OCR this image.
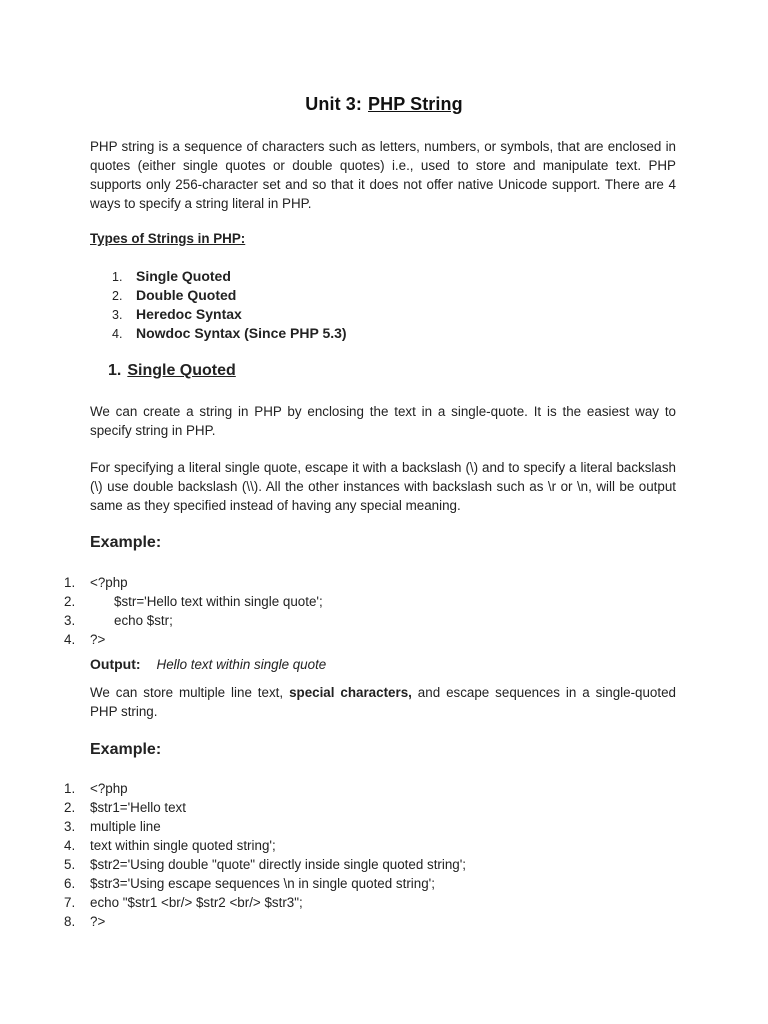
Unit 3: PHP String
PHP string is a sequence of characters such as letters, numbers, or symbols, that are enclosed in quotes (either single quotes or double quotes) i.e., used to store and manipulate text. PHP supports only 256-character set and so that it does not offer native Unicode support. There are 4 ways to specify a string literal in PHP.
Types of Strings in PHP:
1. Single Quoted
2. Double Quoted
3. Heredoc Syntax
4. Nowdoc Syntax (Since PHP 5.3)
1. Single Quoted
We can create a string in PHP by enclosing the text in a single-quote. It is the easiest way to specify string in PHP.
For specifying a literal single quote, escape it with a backslash (\) and to specify a literal backslash (\) use double backslash (\\). All the other instances with backslash such as \r or \n, will be output same as they specified instead of having any special meaning.
Example:
1. <?php
2.	$str='Hello text within single quote';
3.	echo $str;
4. ?>
Output: Hello text within single quote
We can store multiple line text, special characters, and escape sequences in a single-quoted PHP string.
Example:
1. <?php
2. $str1='Hello text
3. multiple line
4. text within single quoted string';
5. $str2='Using double "quote" directly inside single quoted string';
6. $str3='Using escape sequences \n in single quoted string';
7. echo "$str1 <br/> $str2 <br/> $str3";
8. ?>
